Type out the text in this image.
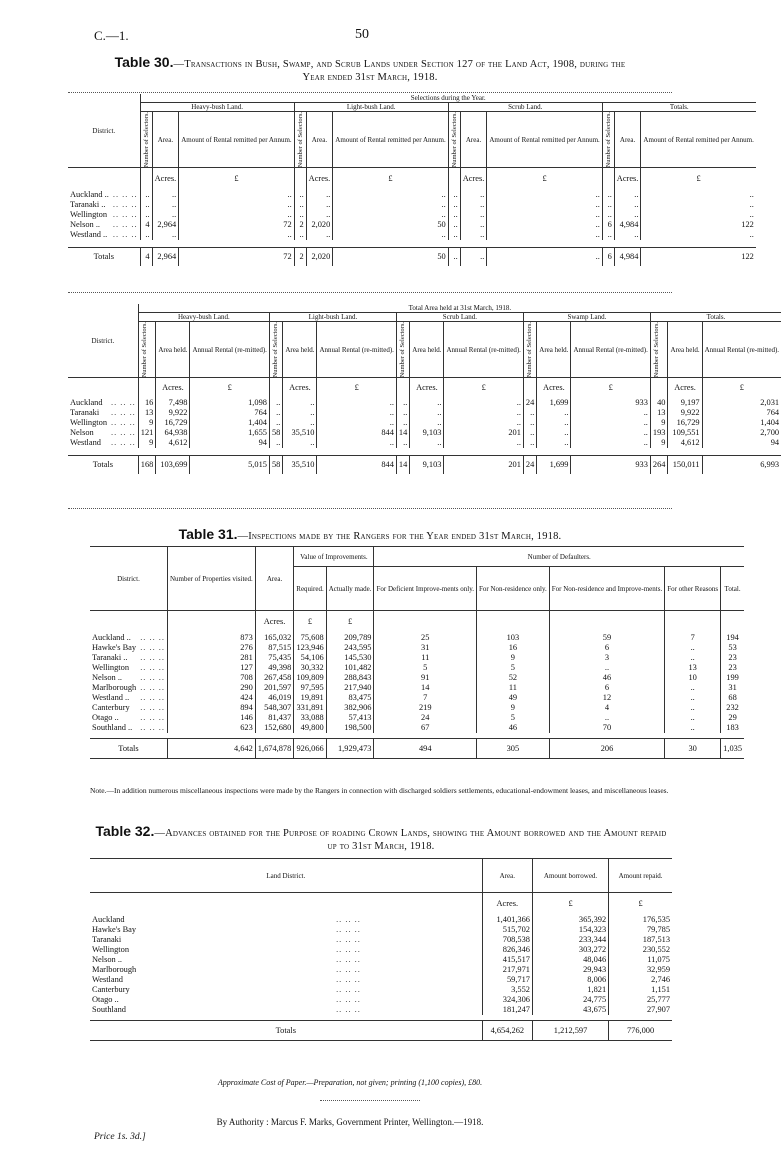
C.—1.	50
Table 30.—Transactions in Bush, Swamp, and Scrub Lands under Section 127 of the Land Act, 1908, during the Year ended 31st March, 1918.
District.		Selections during the Year.											
		Heavy-bush Land.			Light-bush Land.			Scrub Land.			Totals.		

		Number of Selectors.	Area.	Amount of Rental remitted per Annum.	Number of Selectors.	Area.	Amount of Rental remitted per Annum.	Number of Selectors.	Area.	Amount of Rental remitted per Annum.	Number of Selectors.	Area.	Amount of Rental remitted per Annum.
			Acres.	£		Acres.	£		Acres.	£		Acres.	£
Auckland ..	.. .. ..	..	..	..	..	..	..	..	..	..	..	..	..
Taranaki ..	.. .. ..	..	..	..	..	..	..	..	..	..	..	..	..
Wellington	.. .. ..	..	..	..	..	..	..	..	..	..	..	..	..
Nelson ..	.. .. ..	4	2,964	72	2	2,020	50	..	..	..	6	4,984	122
Westland ..	.. .. ..	..	..	..	..	..	..	..	..	..	..	..	..

Totals		4	2,964	72	2	2,020	50	..	..	..	6	4,984	122
District.		Total Area held at 31st March, 1918.														
		Heavy-bush Land.			Light-bush Land.			Scrub Land.			Swamp Land.			Totals.		

		Number of Selectors.	Area held.	Annual Rental (re-mitted).	Number of Selectors.	Area held.	Annual Rental (re-mitted).	Number of Selectors.	Area held.	Annual Rental (re-mitted).	Number of Selectors.	Area held.	Annual Rental (re-mitted).	Number of Selectors.	Area held.	Annual Rental (re-mitted).
			Acres.	£		Acres.	£		Acres.	£		Acres.	£		Acres.	£
Auckland	.. .. ..	16	7,498	1,098	..	..	..	..	..	..	24	1,699	933	40	9,197	2,031
Taranaki	.. .. ..	13	9,922	764	..	..	..	..	..	..	..	..	..	13	9,922	764
Wellington	.. .. ..	9	16,729	1,404	..	..	..	..	..	..	..	..	..	9	16,729	1,404
Nelson	.. .. ..	121	64,938	1,655	58	35,510	844	14	9,103	201	..	..	..	193	109,551	2,700
Westland	.. .. ..	9	4,612	94	..	..	..	..	..	..	..	..	..	9	4,612	94

Totals		168	103,699	5,015	58	35,510	844	14	9,103	201	24	1,699	933	264	150,011	6,993
Table 31.—Inspections made by the Rangers for the Year ended 31st March, 1918.
District.		Number of Properties visited.	Area.	Value of Improvements.		Number of Defaulters.				
				Required.	Actually made.	For Deficient Improve-ments only.	For Non-residence only.	For Non-residence and Improve-ments.	For other Reasons	Total.
			Acres.	£	£					
Auckland ..	.. .. ..	873	165,032	75,608	209,789	25	103	59	7	194
Hawke's Bay	.. .. ..	276	87,515	123,946	243,595	31	16	6	..	53
Taranaki ..	.. .. ..	281	75,435	54,106	145,530	11	9	3	..	23
Wellington	.. .. ..	127	49,398	30,332	101,482	5	5	..	13	23
Nelson ..	.. .. ..	708	267,458	109,809	288,843	91	52	46	10	199
Marlborough	.. .. ..	290	201,597	97,595	217,940	14	11	6	..	31
Westland ..	.. .. ..	424	46,019	19,891	83,475	7	49	12	..	68
Canterbury	.. .. ..	894	548,307	331,891	382,906	219	9	4	..	232
Otago ..	.. .. ..	146	81,437	33,088	57,413	24	5	..	..	29
Southland ..	.. .. ..	623	152,680	49,800	198,500	67	46	70	..	183

Totals		4,642	1,674,878	926,066	1,929,473	494	305	206	30	1,035
Note.—In addition numerous miscellaneous inspections were made by the Rangers in connection with discharged soldiers settlements, educational-endowment leases, and miscellaneous leases.
Table 32.—Advances obtained for the Purpose of roading Crown Lands, showing the Amount borrowed and the Amount repaid up to 31st March, 1918.
Land District.		Area.	Amount borrowed.	Amount repaid.
		Acres.	£	£
Auckland	.. .. ..	1,401,366	365,392	176,535
Hawke's Bay	.. .. ..	515,702	154,323	79,785
Taranaki	.. .. ..	708,538	233,344	187,513
Wellington	.. .. ..	826,346	303,272	230,552
Nelson ..	.. .. ..	415,517	48,046	11,075
Marlborough	.. .. ..	217,971	29,943	32,959
Westland	.. .. ..	59,717	8,006	2,746
Canterbury	.. .. ..	3,552	1,821	1,151
Otago ..	.. .. ..	324,306	24,775	25,777
Southland	.. .. ..	181,247	43,675	27,907

Totals		4,654,262	1,212,597	776,000
Approximate Cost of Paper.—Preparation, not given; printing (1,100 copies), £80.
By Authority : Marcus F. Marks, Government Printer, Wellington.—1918.
Price 1s. 3d.]
